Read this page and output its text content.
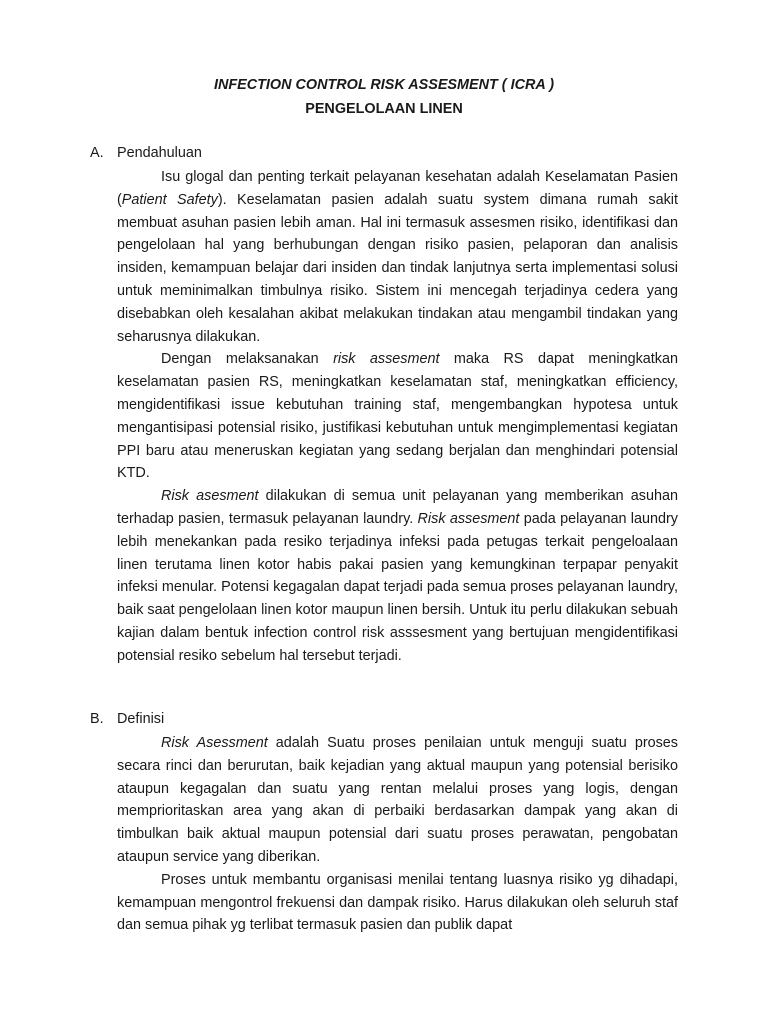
INFECTION CONTROL RISK ASSESMENT ( ICRA )
PENGELOLAAN LINEN
A. Pendahuluan

Isu glogal dan penting terkait pelayanan kesehatan adalah Keselamatan Pasien (Patient Safety). Keselamatan pasien adalah suatu system dimana rumah sakit membuat asuhan pasien lebih aman. Hal ini termasuk assesmen risiko, identifikasi dan pengelolaan hal yang berhubungan dengan risiko pasien, pelaporan dan analisis insiden, kemampuan belajar dari insiden dan tindak lanjutnya serta implementasi solusi untuk meminimalkan timbulnya risiko. Sistem ini mencegah terjadinya cedera yang disebabkan oleh kesalahan akibat melakukan tindakan atau mengambil tindakan yang seharusnya dilakukan.

Dengan melaksanakan risk assesment maka RS dapat meningkatkan keselamatan pasien RS, meningkatkan keselamatan staf, meningkatkan efficiency, mengidentifikasi issue kebutuhan training staf, mengembangkan hypotesa untuk mengantisipasi potensial risiko, justifikasi kebutuhan untuk mengimplementasi kegiatan PPI baru atau meneruskan kegiatan yang sedang berjalan dan menghindari potensial KTD.

Risk asesment dilakukan di semua unit pelayanan yang memberikan asuhan terhadap pasien, termasuk pelayanan laundry. Risk assesment pada pelayanan laundry lebih menekankan pada resiko terjadinya infeksi pada petugas terkait pengeloalaan linen terutama linen kotor habis pakai pasien yang kemungkinan terpapar penyakit infeksi menular. Potensi kegagalan dapat terjadi pada semua proses pelayanan laundry, baik saat pengelolaan linen kotor maupun linen bersih. Untuk itu perlu dilakukan sebuah kajian dalam bentuk infection control risk asssesment yang bertujuan mengidentifikasi potensial resiko sebelum hal tersebut terjadi.

B. Definisi

Risk Asessment adalah Suatu proses penilaian untuk menguji suatu proses secara rinci dan berurutan, baik kejadian yang aktual maupun yang potensial berisiko ataupun kegagalan dan suatu yang rentan melalui proses yang logis, dengan memprioritaskan area yang akan di perbaiki berdasarkan dampak yang akan di timbulkan baik aktual maupun potensial dari suatu proses perawatan, pengobatan ataupun service yang diberikan.

Proses untuk membantu organisasi menilai tentang luasnya risiko yg dihadapi, kemampuan mengontrol frekuensi dan dampak risiko. Harus dilakukan oleh seluruh staf dan semua pihak yg terlibat termasuk pasien dan publik dapat
